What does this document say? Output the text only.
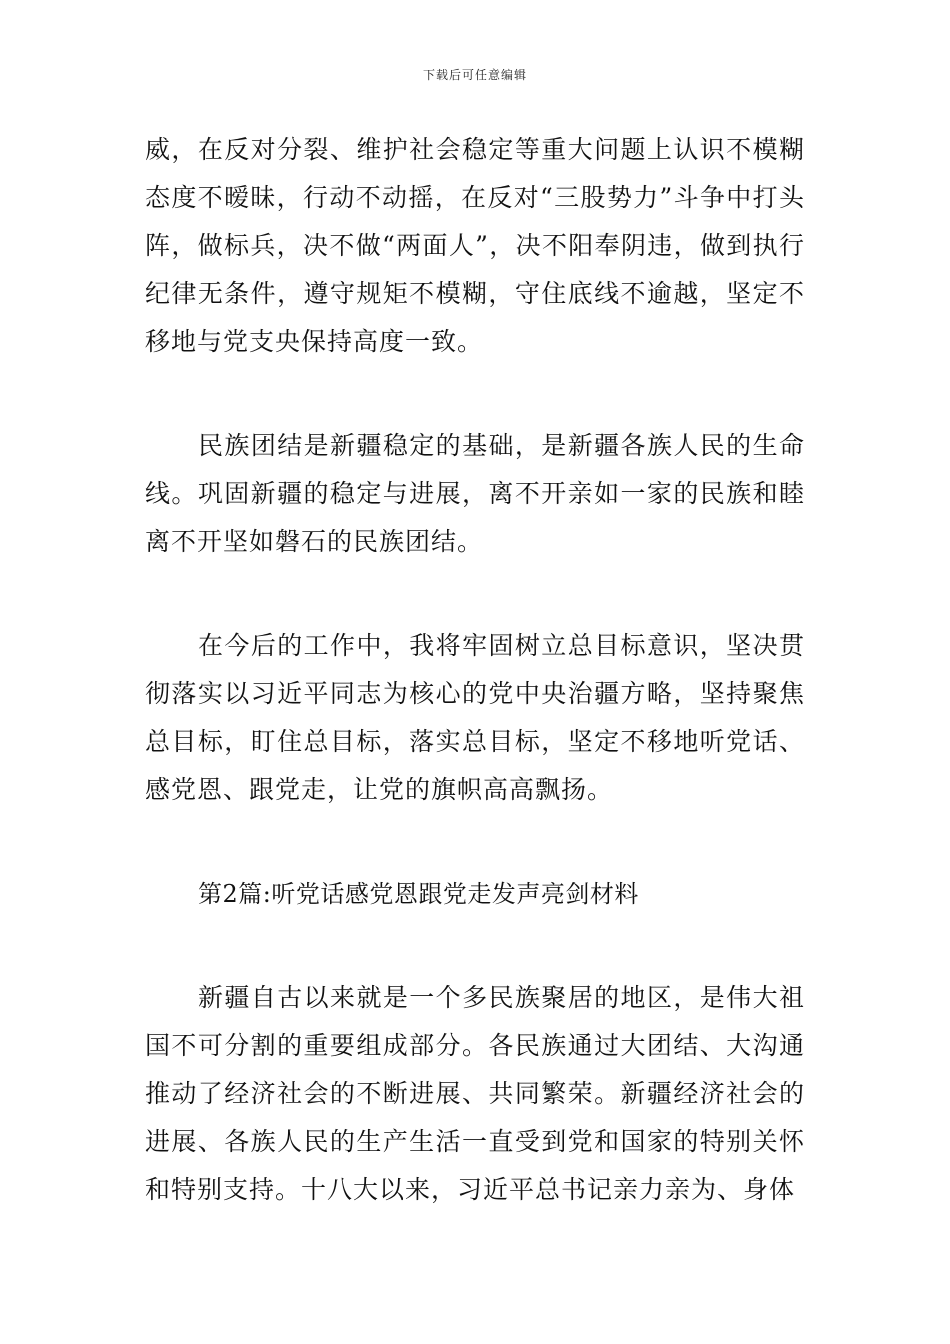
下载后可任意编辑

威，在反对分裂、维护社会稳定等重大问题上认识不模糊态度不暧昧，行动不动摇，在反对“三股势力”斗争中打头阵，做标兵，决不做“两面人”，决不阳奉阴违，做到执行纪律无条件，遵守规矩不模糊，守住底线不逾越，坚定不移地与党支央保持高度一致。

民族团结是新疆稳定的基础，是新疆各族人民的生命线。巩固新疆的稳定与进展，离不开亲如一家的民族和睦离不开坚如磐石的民族团结。

在今后的工作中，我将牢固树立总目标意识，坚决贯彻落实以习近平同志为核心的党中央治疆方略，坚持聚焦总目标，盯住总目标，落实总目标，坚定不移地听党话、感党恩、跟党走，让党的旗帜高高飘扬。

第2篇:听党话感党恩跟党走发声亮剑材料

新疆自古以来就是一个多民族聚居的地区，是伟大祖国不可分割的重要组成部分。各民族通过大团结、大沟通推动了经济社会的不断进展、共同繁荣。新疆经济社会的进展、各族人民的生产生活一直受到党和国家的特别关怀和特别支持。十八大以来，习近平总书记亲力亲为、身体
